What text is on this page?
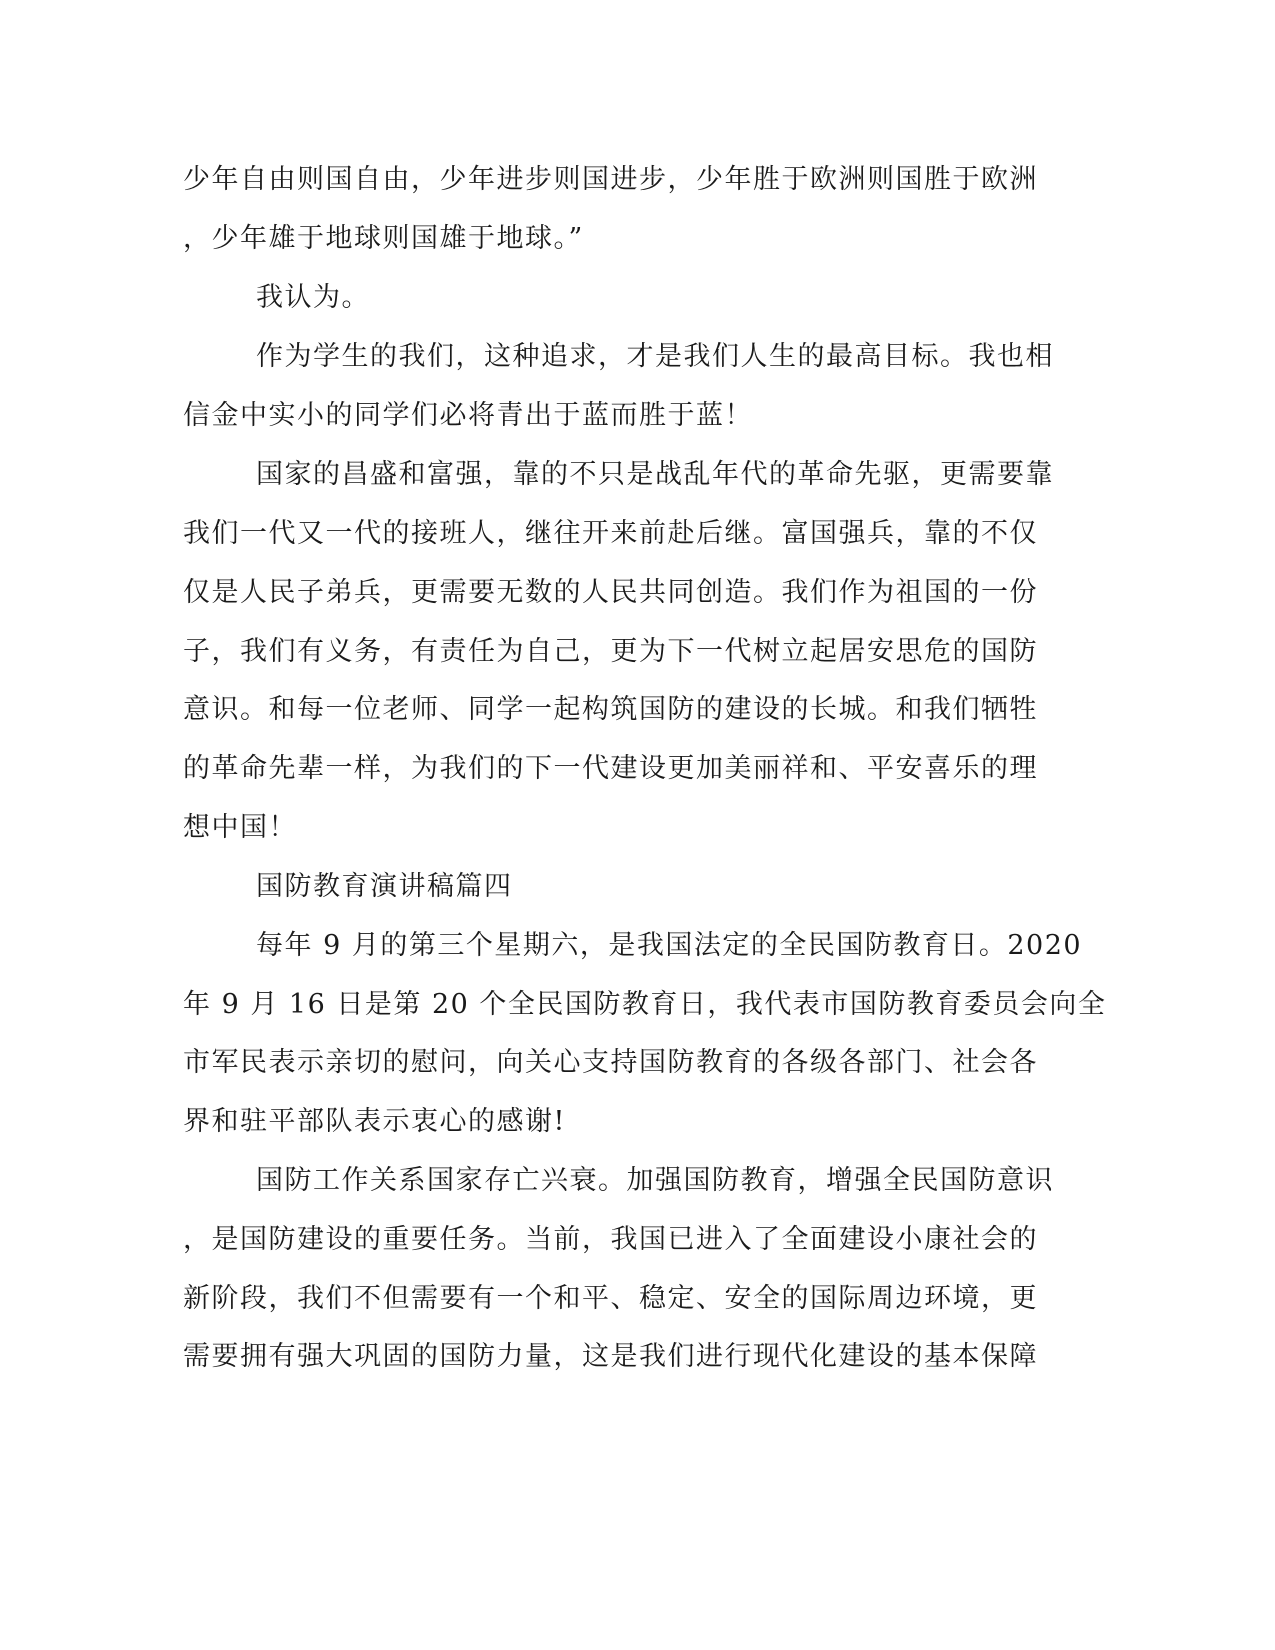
少年自由则国自由，少年进步则国进步，少年胜于欧洲则国胜于欧洲
，少年雄于地球则国雄于地球。”
我认为。
作为学生的我们，这种追求，才是我们人生的最高目标。我也相
信金中实小的同学们必将青出于蓝而胜于蓝！
国家的昌盛和富强，靠的不只是战乱年代的革命先驱，更需要靠
我们一代又一代的接班人，继往开来前赴后继。富国强兵，靠的不仅
仅是人民子弟兵，更需要无数的人民共同创造。我们作为祖国的一份
子，我们有义务，有责任为自己，更为下一代树立起居安思危的国防
意识。和每一位老师、同学一起构筑国防的建设的长城。和我们牺牲
的革命先辈一样，为我们的下一代建设更加美丽祥和、平安喜乐的理
想中国！
国防教育演讲稿篇四
每年 9 月的第三个星期六，是我国法定的全民国防教育日。2020
年 9 月 16 日是第 20 个全民国防教育日，我代表市国防教育委员会向全
市军民表示亲切的慰问，向关心支持国防教育的各级各部门、社会各
界和驻平部队表示衷心的感谢!
国防工作关系国家存亡兴衰。加强国防教育，增强全民国防意识
，是国防建设的重要任务。当前，我国已进入了全面建设小康社会的
新阶段，我们不但需要有一个和平、稳定、安全的国际周边环境，更
需要拥有强大巩固的国防力量，这是我们进行现代化建设的基本保障
